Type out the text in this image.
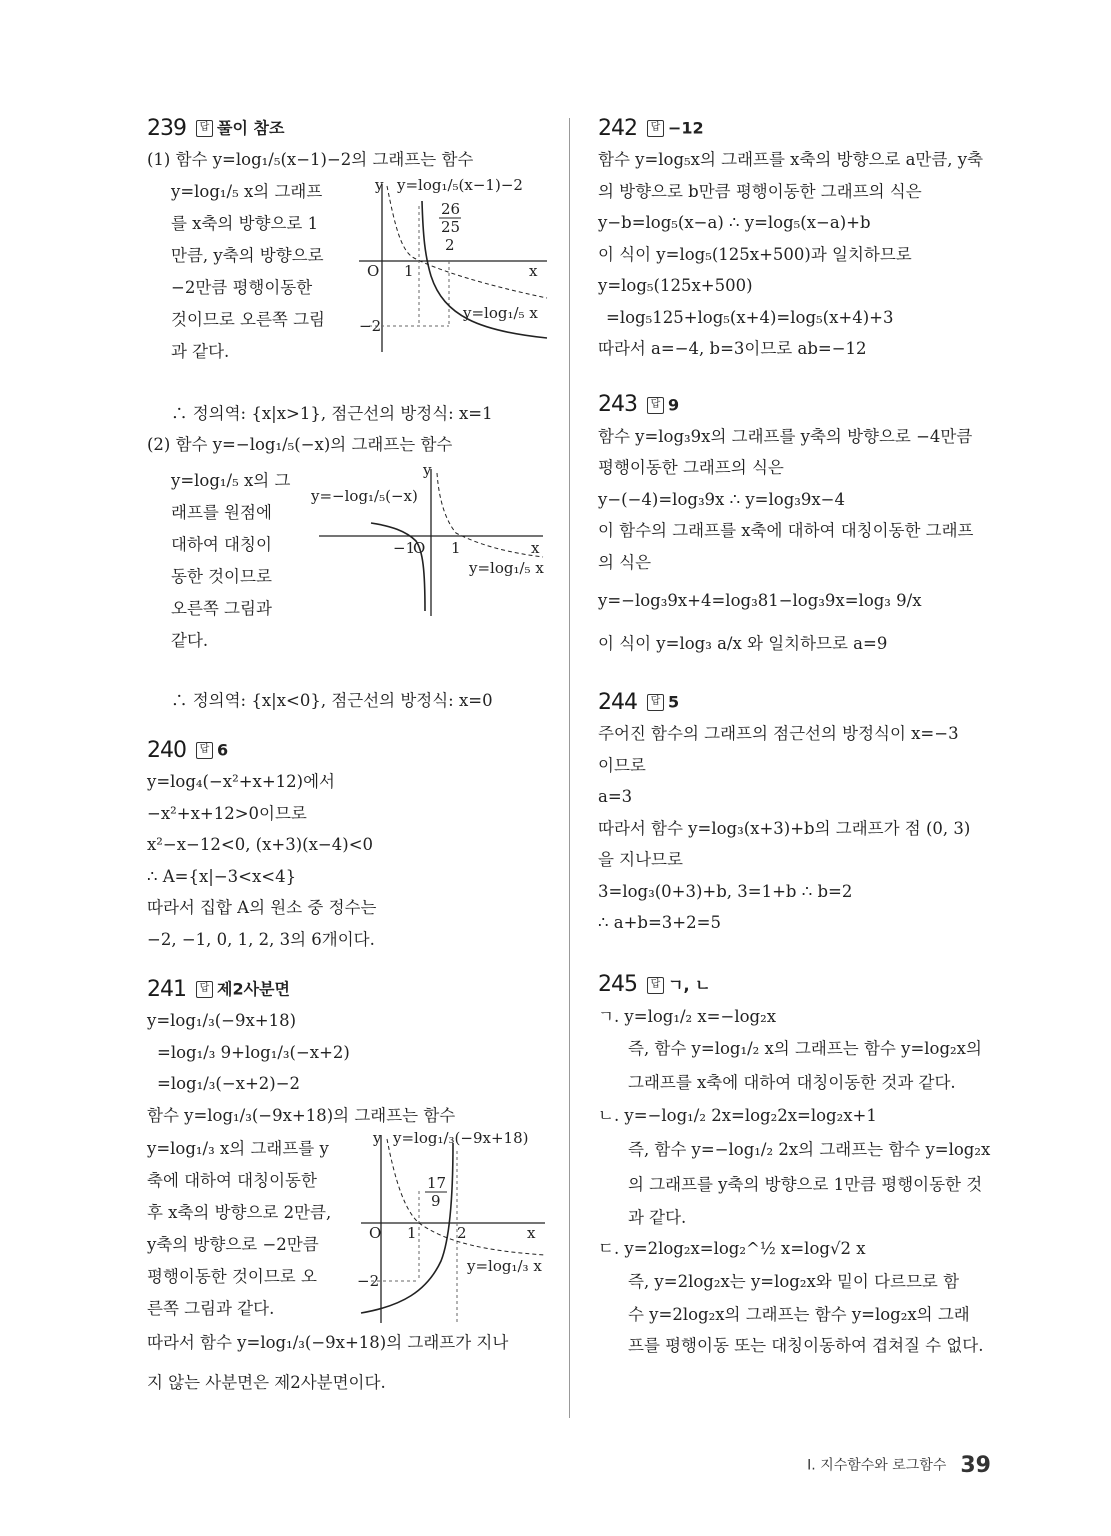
239 답 풀이 참조
(1) 함수 y=log₁/₅(x−1)−2의 그래프는 함수
y=log₁/₅ x의 그래프
를 x축의 방향으로 1
만큼, y축의 방향으로
−2만큼 평행이동한
것이므로 오른쪽 그림
과 같다.
y y=log₁/₅(x−1)−2
26
25
2
O 1	x
−2
y=log₁/₅ x
∴ 정의역: {x|x>1}, 점근선의 방정식: x=1
(2) 함수 y=−log₁/₅(−x)의 그래프는 함수
y=log₁/₅ x의 그
래프를 원점에
대하여 대칭이
동한 것이므로
오른쪽 그림과
같다.
y
y=−log₁/₅(−x)
−1
O 1	x
y=log₁/₅ x
∴ 정의역: {x|x<0}, 점근선의 방정식: x=0
240 답 6
y=log₄(−x²+x+12)에서
−x²+x+12>0이므로
x²−x−12<0, (x+3)(x−4)<0
∴ A={x|−3<x<4}
따라서 집합 A의 원소 중 정수는
−2, −1, 0, 1, 2, 3의 6개이다.
241 답 제2사분면
y=log₁/₃(−9x+18)
=log₁/₃ 9+log₁/₃(−x+2)
=log₁/₃(−x+2)−2
함수 y=log₁/₃(−9x+18)의 그래프는 함수
y=log₁/₃ x의 그래프를 y
축에 대하여 대칭이동한
후 x축의 방향으로 2만큼,
y축의 방향으로 −2만큼
평행이동한 것이므로 오
른쪽 그림과 같다.
y y=log₁/₃(−9x+18)
17
9
O 1	2	x
−2
y=log₁/₃ x
따라서 함수 y=log₁/₃(−9x+18)의 그래프가 지나
지 않는 사분면은 제2사분면이다.
242 답 −12
함수 y=log₅x의 그래프를 x축의 방향으로 a만큼, y축
의 방향으로 b만큼 평행이동한 그래프의 식은
y−b=log₅(x−a) ∴ y=log₅(x−a)+b
이 식이 y=log₅(125x+500)과 일치하므로
y=log₅(125x+500)
=log₅125+log₅(x+4)=log₅(x+4)+3
따라서 a=−4, b=3이므로 ab=−12
243 답 9
함수 y=log₃9x의 그래프를 y축의 방향으로 −4만큼
평행이동한 그래프의 식은
y−(−4)=log₃9x ∴ y=log₃9x−4
이 함수의 그래프를 x축에 대하여 대칭이동한 그래프
의 식은
y=−log₃9x+4=log₃81−log₃9x=log₃ 9/x
이 식이 y=log₃ a/x 와 일치하므로 a=9
244 답 5
주어진 함수의 그래프의 점근선의 방정식이 x=−3
이므로
a=3
따라서 함수 y=log₃(x+3)+b의 그래프가 점 (0, 3)
을 지나므로
3=log₃(0+3)+b, 3=1+b ∴ b=2
∴ a+b=3+2=5
245 답 ㄱ, ㄴ
ㄱ. y=log₁/₂ x=−log₂x
즉, 함수 y=log₁/₂ x의 그래프는 함수 y=log₂x의
그래프를 x축에 대하여 대칭이동한 것과 같다.
ㄴ. y=−log₁/₂ 2x=log₂2x=log₂x+1
즉, 함수 y=−log₁/₂ 2x의 그래프는 함수 y=log₂x
의 그래프를 y축의 방향으로 1만큼 평행이동한 것
과 같다.
ㄷ. y=2log₂x=log₂^½ x=log√2 x
즉, y=2log₂x는 y=log₂x와 밑이 다르므로 함
수 y=2log₂x의 그래프는 함수 y=log₂x의 그래
프를 평행이동 또는 대칭이동하여 겹쳐질 수 없다.
I. 지수함수와 로그함수 39
